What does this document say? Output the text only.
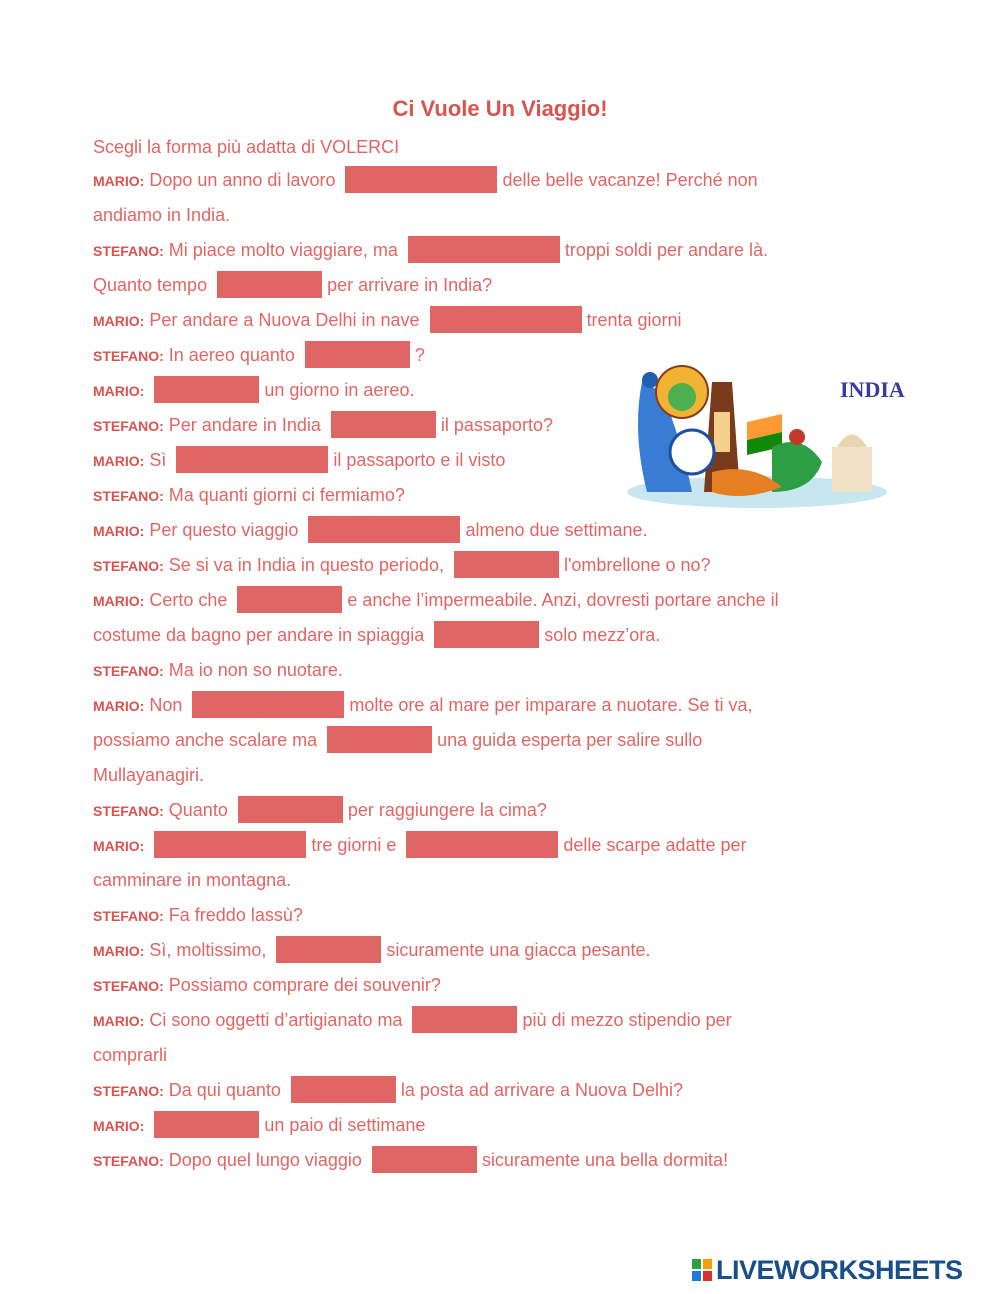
Ci Vuole Un Viaggio!
Scegli la forma più adatta di VOLERCI
MARIO: Dopo un anno di lavoro	delle belle vacanze! Perché non
andiamo in India.
STEFANO: Mi piace molto viaggiare, ma	troppi soldi per andare là.
Quanto tempo	per arrivare in India?
MARIO: Per andare a Nuova Delhi in nave	trenta giorni
STEFANO: In aereo quanto	?
MARIO:	un giorno in aereo.
STEFANO: Per andare in India	il passaporto?
MARIO: Sì	il passaporto e il visto
STEFANO: Ma quanti giorni ci fermiamo?
MARIO: Per questo viaggio	almeno due settimane.
STEFANO: Se si va in India in questo periodo,	l'ombrellone o no?
MARIO: Certo che	e anche l’impermeabile. Anzi, dovresti portare anche il
costume da bagno per andare in spiaggia	solo mezz’ora.
STEFANO: Ma io non so nuotare.
MARIO: Non	molte ore al mare per imparare a nuotare. Se ti va,
possiamo anche scalare ma	una guida esperta per salire sullo
Mullayanagiri.
STEFANO: Quanto	per raggiungere la cima?
MARIO:	tre giorni e	delle scarpe adatte per
camminare in montagna.
STEFANO: Fa freddo lassù?
MARIO: Sì, moltissimo,	sicuramente una giacca pesante.
STEFANO: Possiamo comprare dei souvenir?
MARIO: Ci sono oggetti d’artigianato ma	più di mezzo stipendio per
comprarli
STEFANO: Da qui quanto	la posta ad arrivare a Nuova Delhi?
MARIO:	un paio di settimane
STEFANO: Dopo quel lungo viaggio	sicuramente una bella dormita!
INDIA
LIVEWORKSHEETS
